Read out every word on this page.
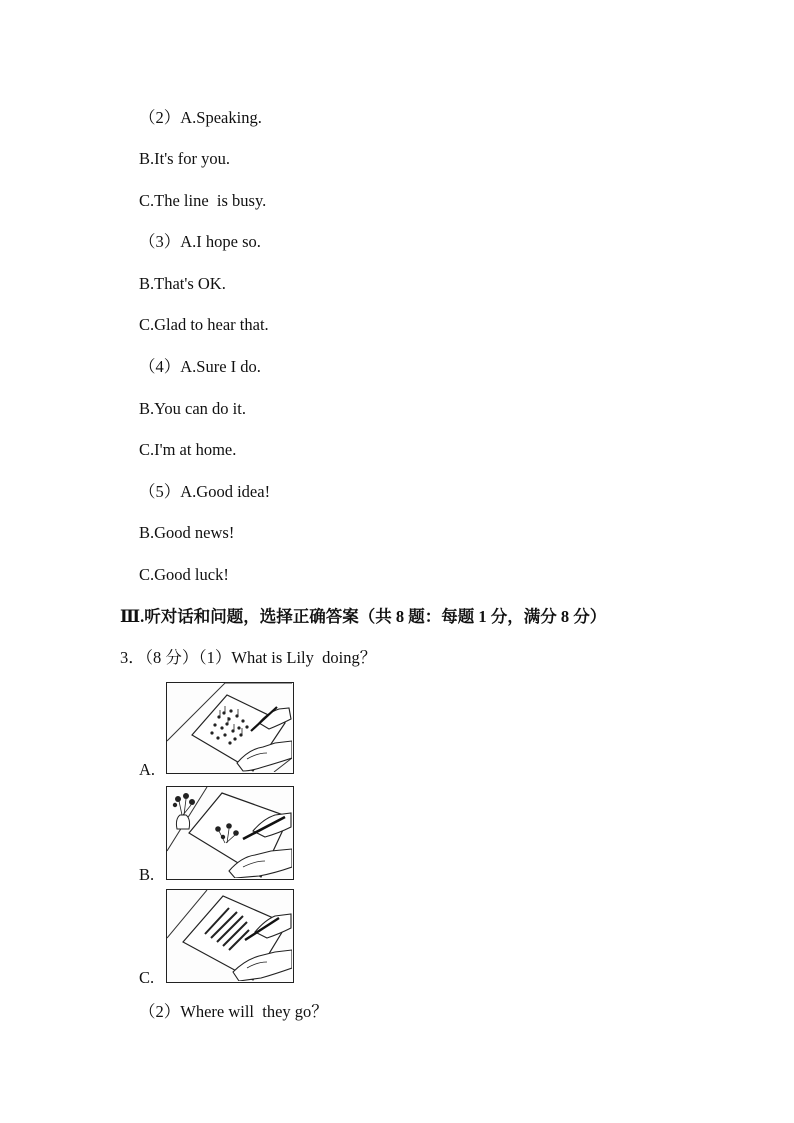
（2）A.Speaking.
B.It's for you.
C.The line  is busy.
（3）A.I hope so.
B.That's OK.
C.Glad to hear that.
（4）A.Sure I do.
B.You can do it.
C.I'm at home.
（5）A.Good idea!
B.Good news!
C.Good luck!
Ⅲ.听对话和问题，选择正确答案（共 8 题：每题 1 分，满分 8 分）
3．（8 分）（1）What is Lily  doing？
A.
B.
C.
（2）Where will  they go？
